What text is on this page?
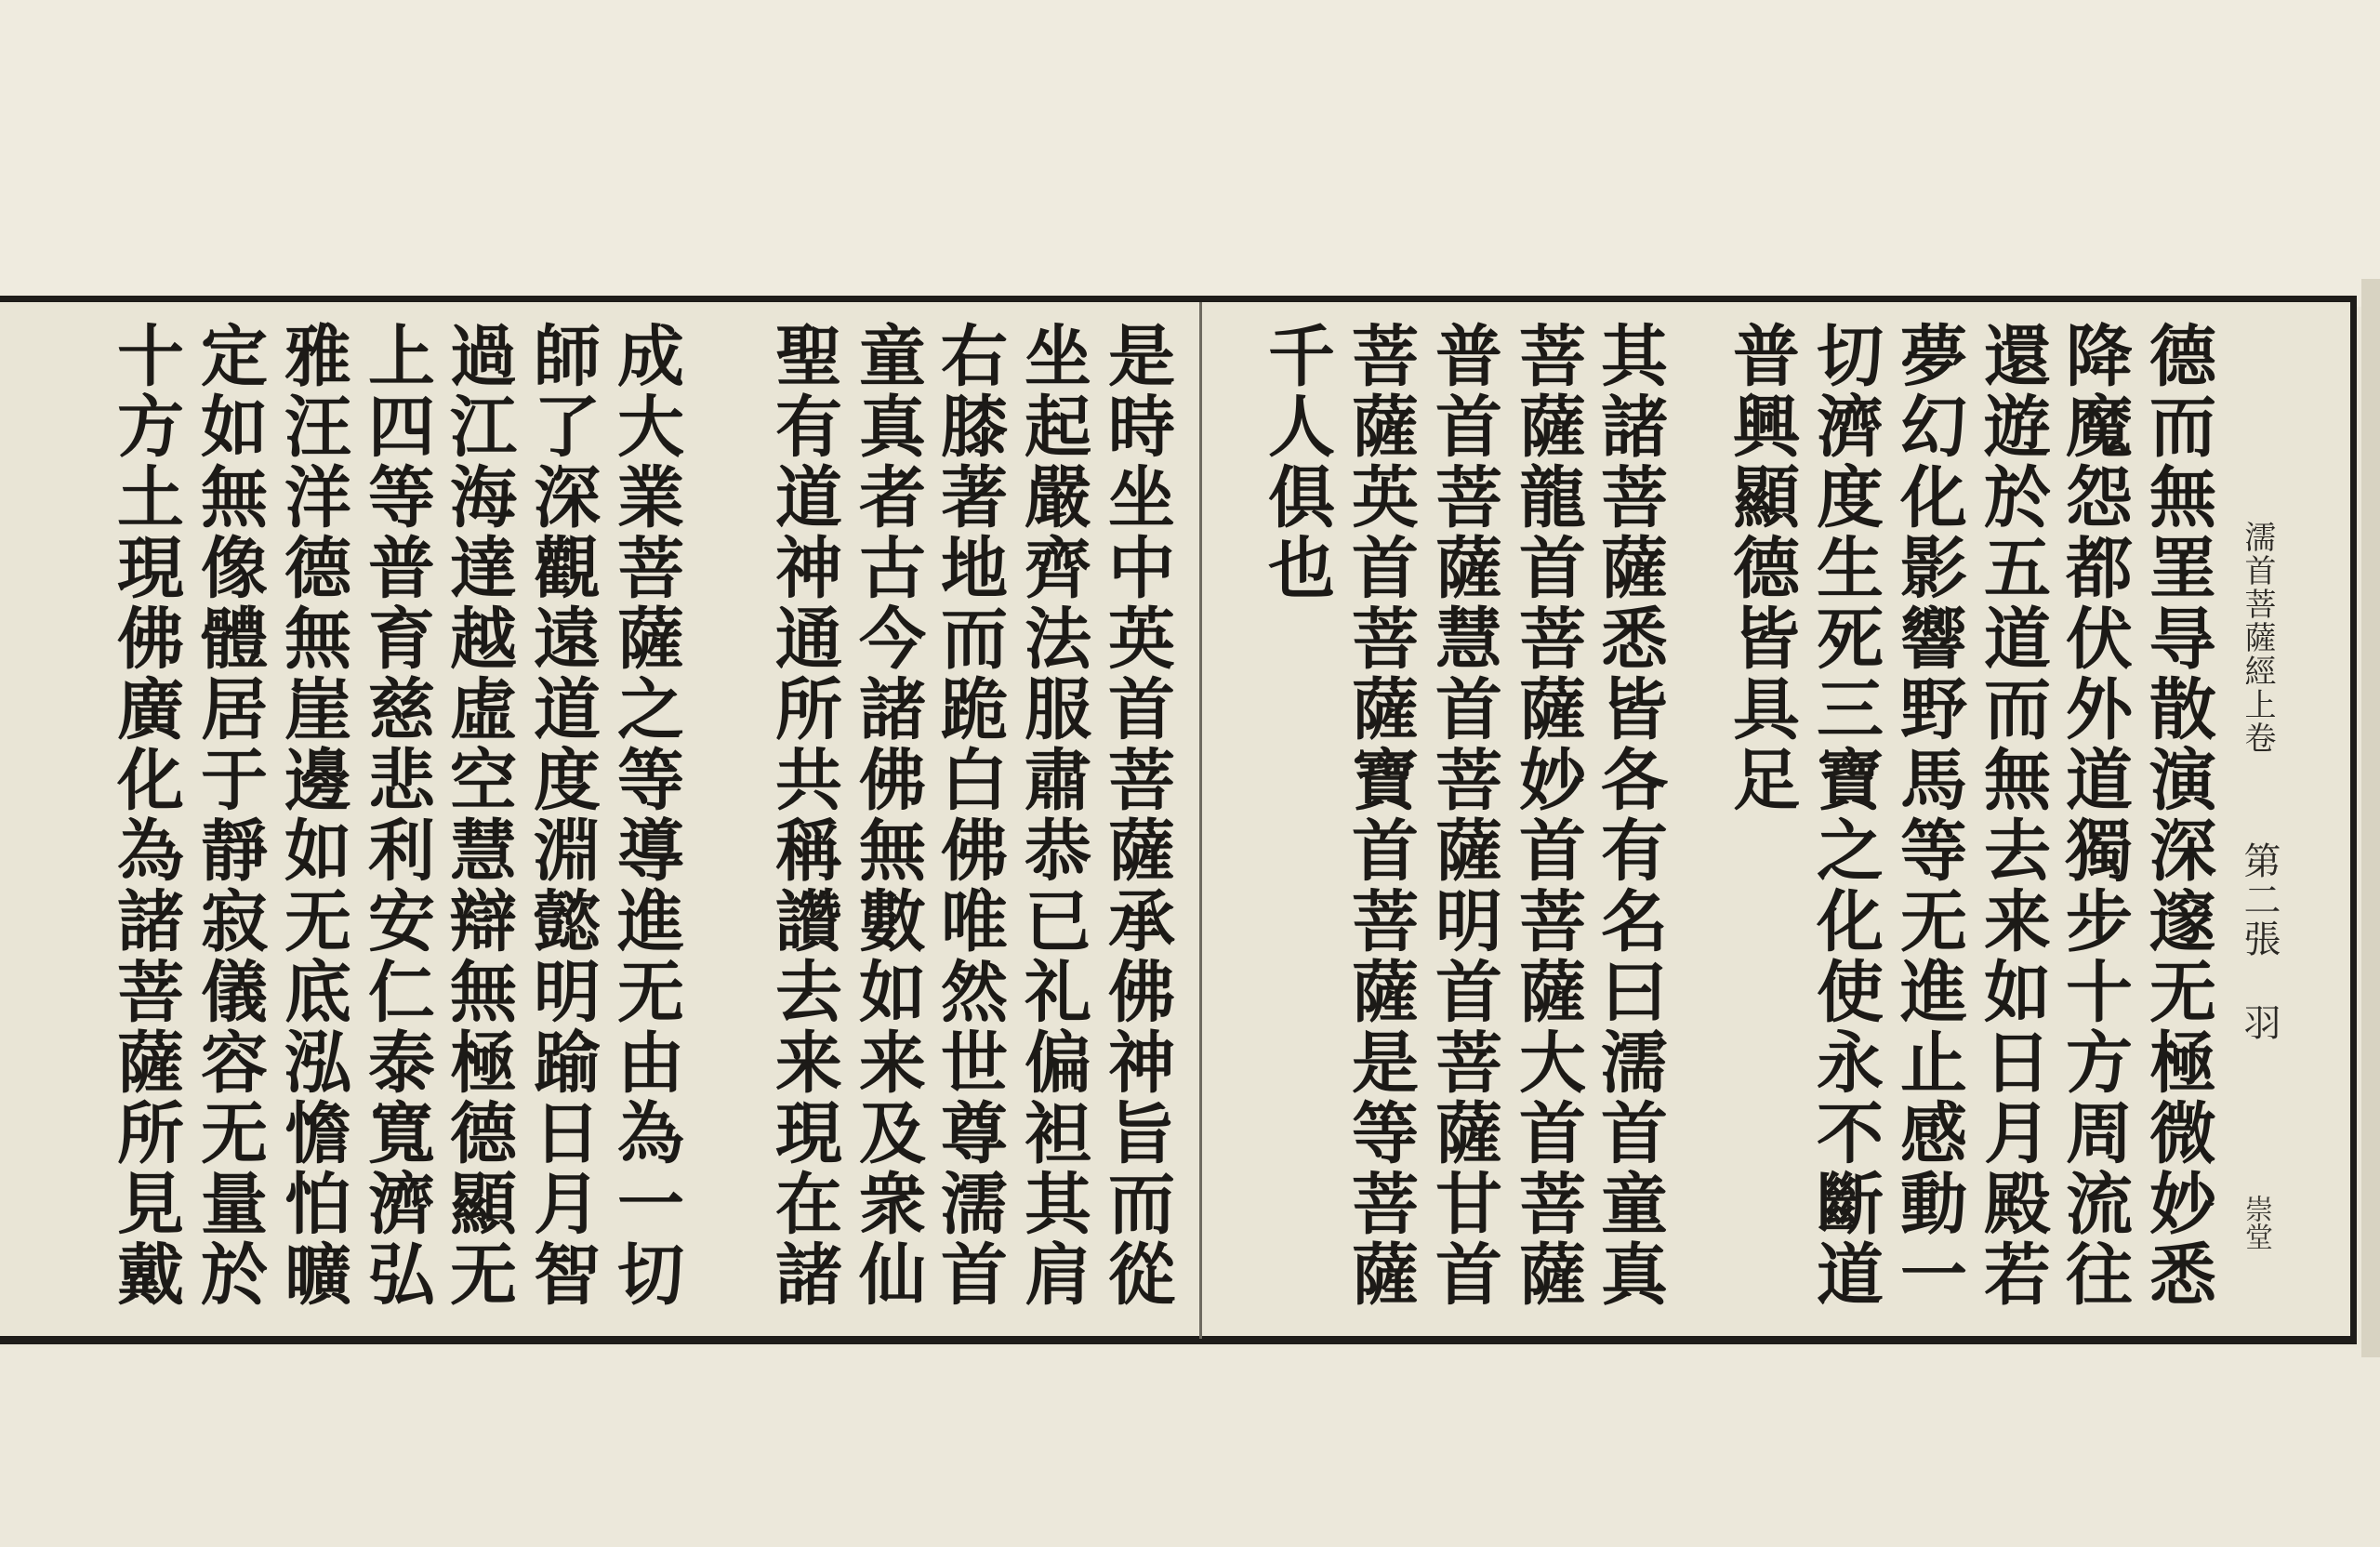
濡首菩薩經上卷
第二張 羽
崇堂
德而無罣㝵散演深邃无極微妙悉
降魔怨都伏外道獨步十方周流往
還遊於五道而無去来如日月殿若
夢幻化影響野馬等无進止感動一
切濟度生死三寶之化使永不斷道
普興顯德皆具足
其諸菩薩悉皆各有名曰濡首童真
菩薩龍首菩薩妙首菩薩大首菩薩
普首菩薩慧首菩薩明首菩薩甘首
菩薩英首菩薩寶首菩薩是等菩薩
千人俱也
是時坐中英首菩薩承佛神旨而從
坐起嚴齊法服肅恭已礼偏袒其肩
右膝著地而跪白佛唯然世尊濡首
童真者古今諸佛無數如来及衆仙
聖有道神通所共稱讚去来現在諸
成大業菩薩之等導進无由為一切
師了深觀遠道度淵懿明踰日月智
過江海達越虛空慧辯無極德顯无
上四等普育慈悲利安仁泰寬濟弘
雅汪洋德無崖邊如无底泓憺怕曠
定如無像體居于靜寂儀容无量於
十方土現佛廣化為諸菩薩所見戴
